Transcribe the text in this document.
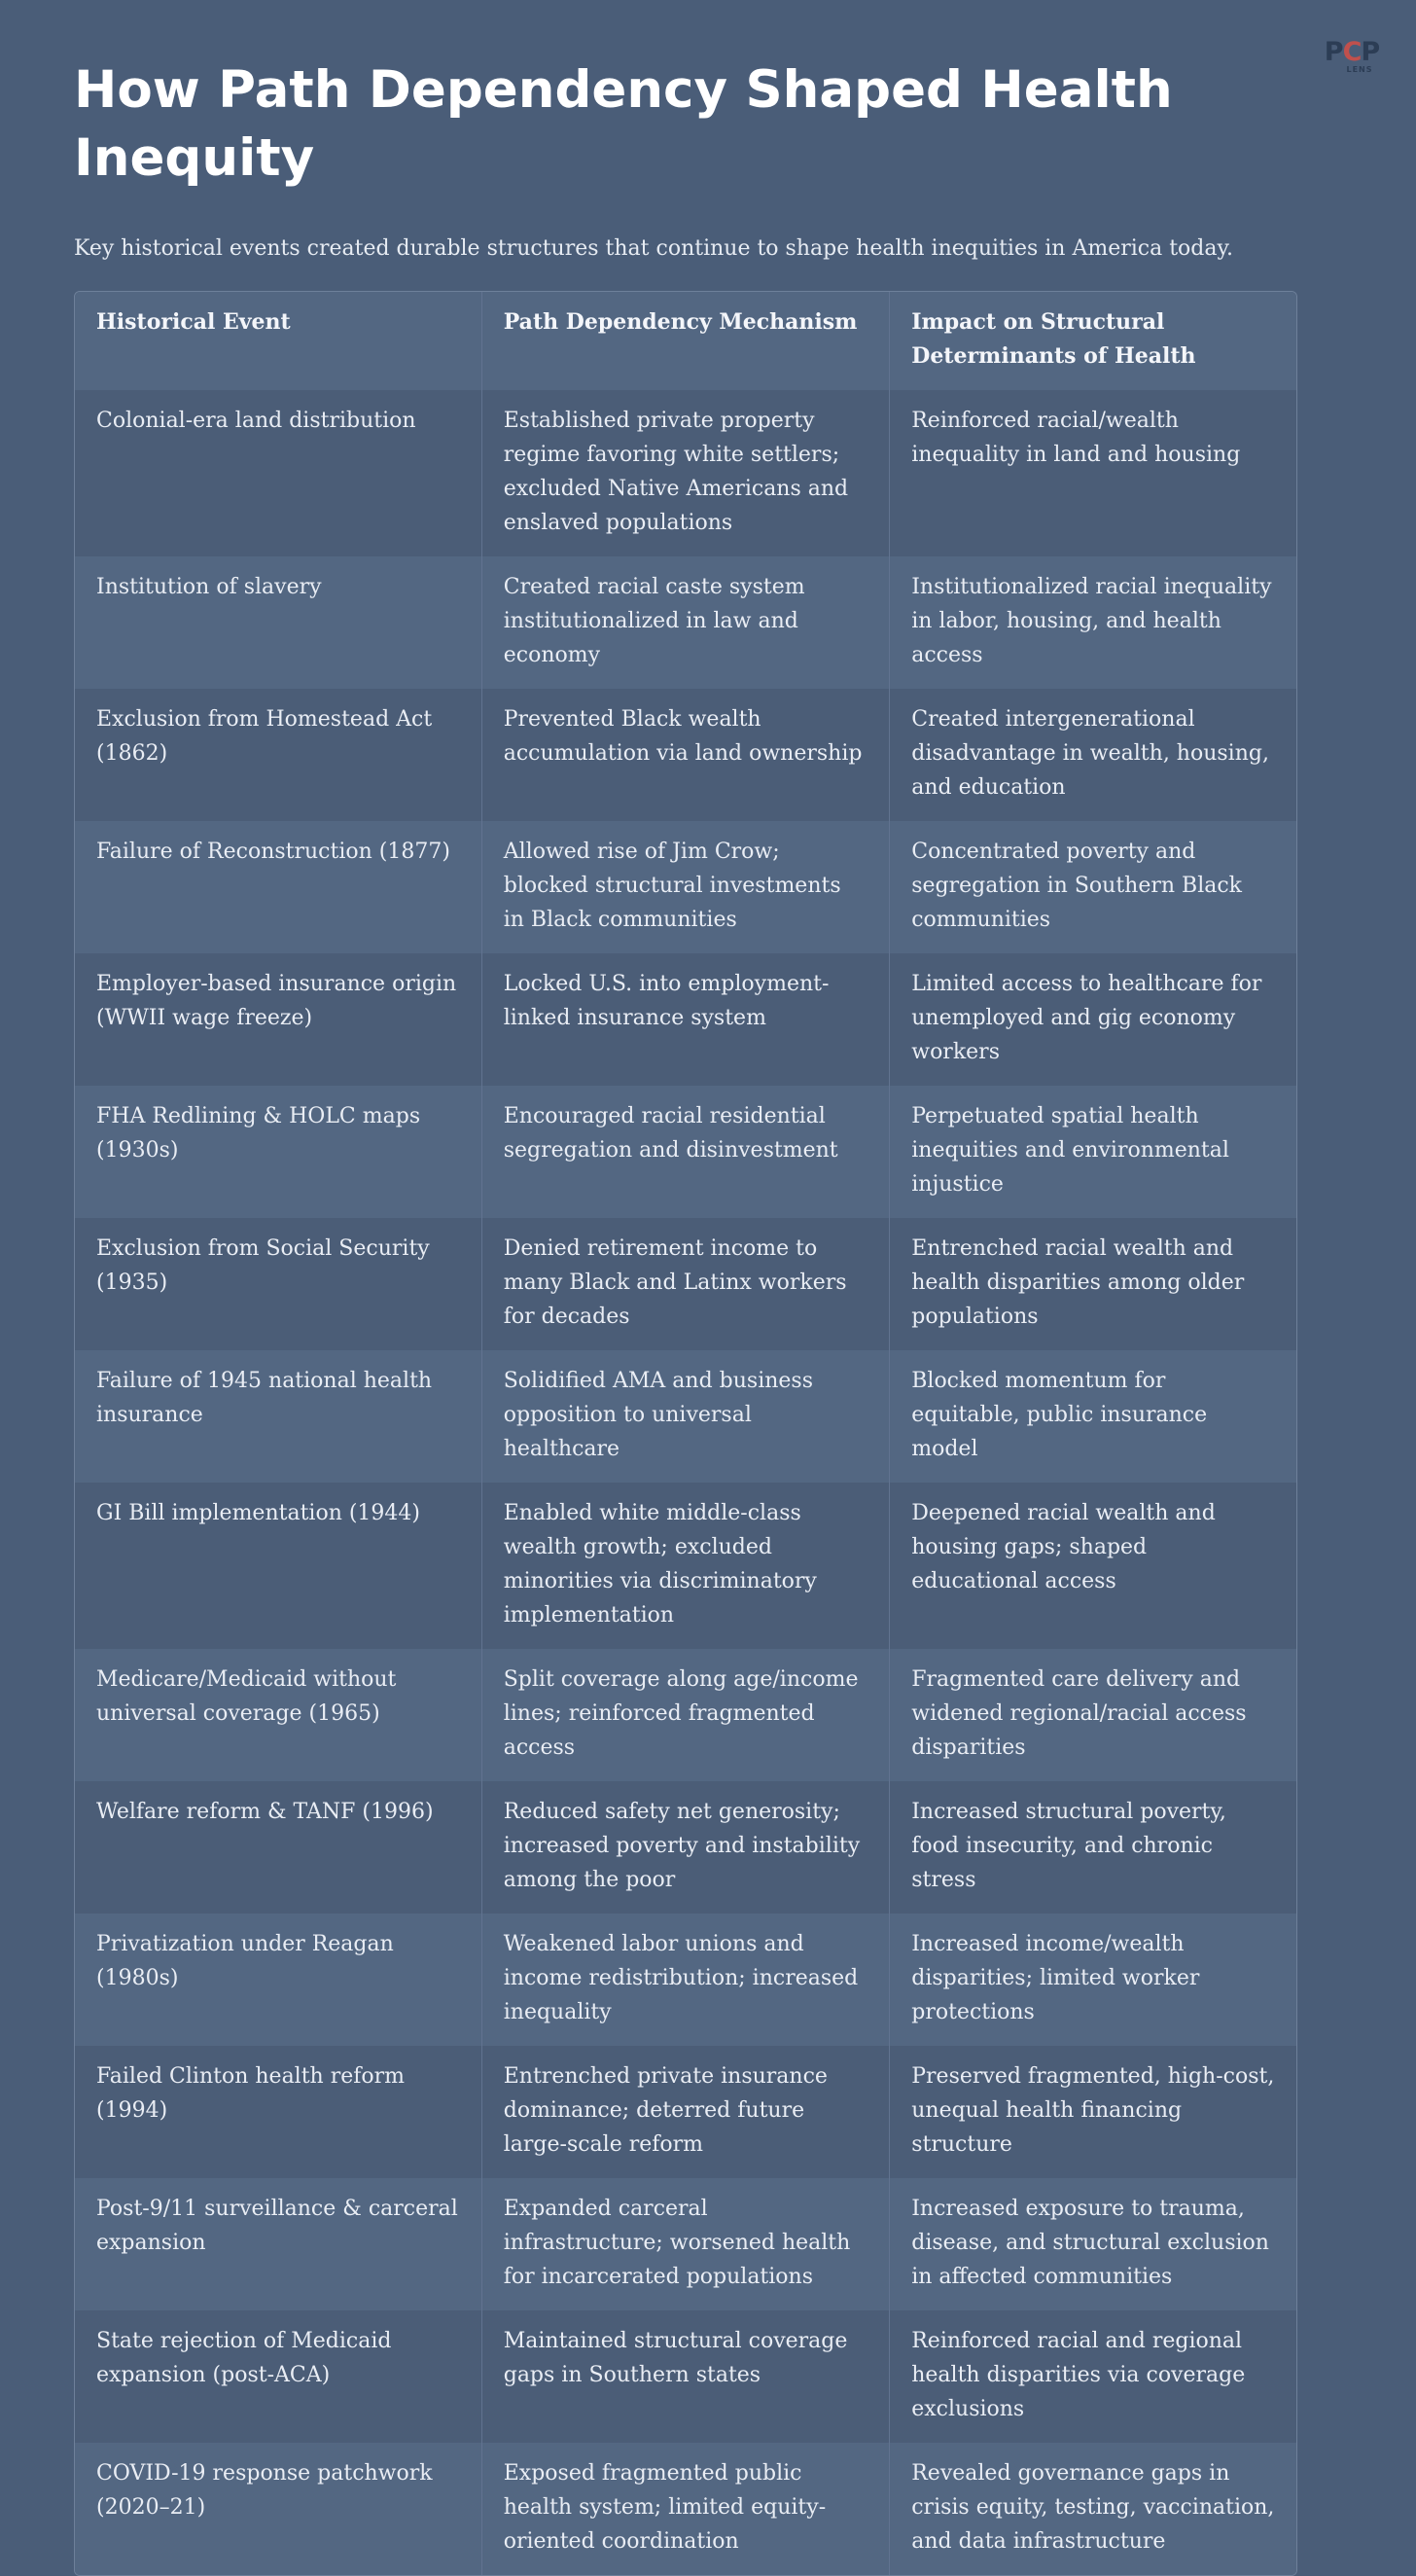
PCP
LENS
How Path Dependency Shaped Health Inequity

Key historical events created durable structures that continue to shape health inequities in America today.

Historical Event	Path Dependency Mechanism	Impact on Structural Determinants of Health
Colonial-era land distribution	Established private property regime favoring white settlers; excluded Native Americans and enslaved populations	Reinforced racial/wealth inequality in land and housing
Institution of slavery	Created racial caste system institutionalized in law and economy	Institutionalized racial inequality in labor, housing, and health access
Exclusion from Homestead Act (1862)	Prevented Black wealth accumulation via land ownership	Created intergenerational disadvantage in wealth, housing, and education
Failure of Reconstruction (1877)	Allowed rise of Jim Crow; blocked structural investments in Black communities	Concentrated poverty and segregation in Southern Black communities
Employer-based insurance origin (WWII wage freeze)	Locked U.S. into employment-linked insurance system	Limited access to healthcare for unemployed and gig economy workers
FHA Redlining & HOLC maps (1930s)	Encouraged racial residential segregation and disinvestment	Perpetuated spatial health inequities and environmental injustice
Exclusion from Social Security (1935)	Denied retirement income to many Black and Latinx workers for decades	Entrenched racial wealth and health disparities among older populations
Failure of 1945 national health insurance	Solidified AMA and business opposition to universal healthcare	Blocked momentum for equitable, public insurance model
GI Bill implementation (1944)	Enabled white middle-class wealth growth; excluded minorities via discriminatory implementation	Deepened racial wealth and housing gaps; shaped educational access
Medicare/Medicaid without universal coverage (1965)	Split coverage along age/income lines; reinforced fragmented access	Fragmented care delivery and widened regional/racial access disparities
Welfare reform & TANF (1996)	Reduced safety net generosity; increased poverty and instability among the poor	Increased structural poverty, food insecurity, and chronic stress
Privatization under Reagan (1980s)	Weakened labor unions and income redistribution; increased inequality	Increased income/wealth disparities; limited worker protections
Failed Clinton health reform (1994)	Entrenched private insurance dominance; deterred future large-scale reform	Preserved fragmented, high-cost, unequal health financing structure
Post-9/11 surveillance & carceral expansion	Expanded carceral infrastructure; worsened health for incarcerated populations	Increased exposure to trauma, disease, and structural exclusion in affected communities
State rejection of Medicaid expansion (post-ACA)	Maintained structural coverage gaps in Southern states	Reinforced racial and regional health disparities via coverage exclusions
COVID-19 response patchwork (2020–21)	Exposed fragmented public health system; limited equity-oriented coordination	Revealed governance gaps in crisis equity, testing, vaccination, and data infrastructure
